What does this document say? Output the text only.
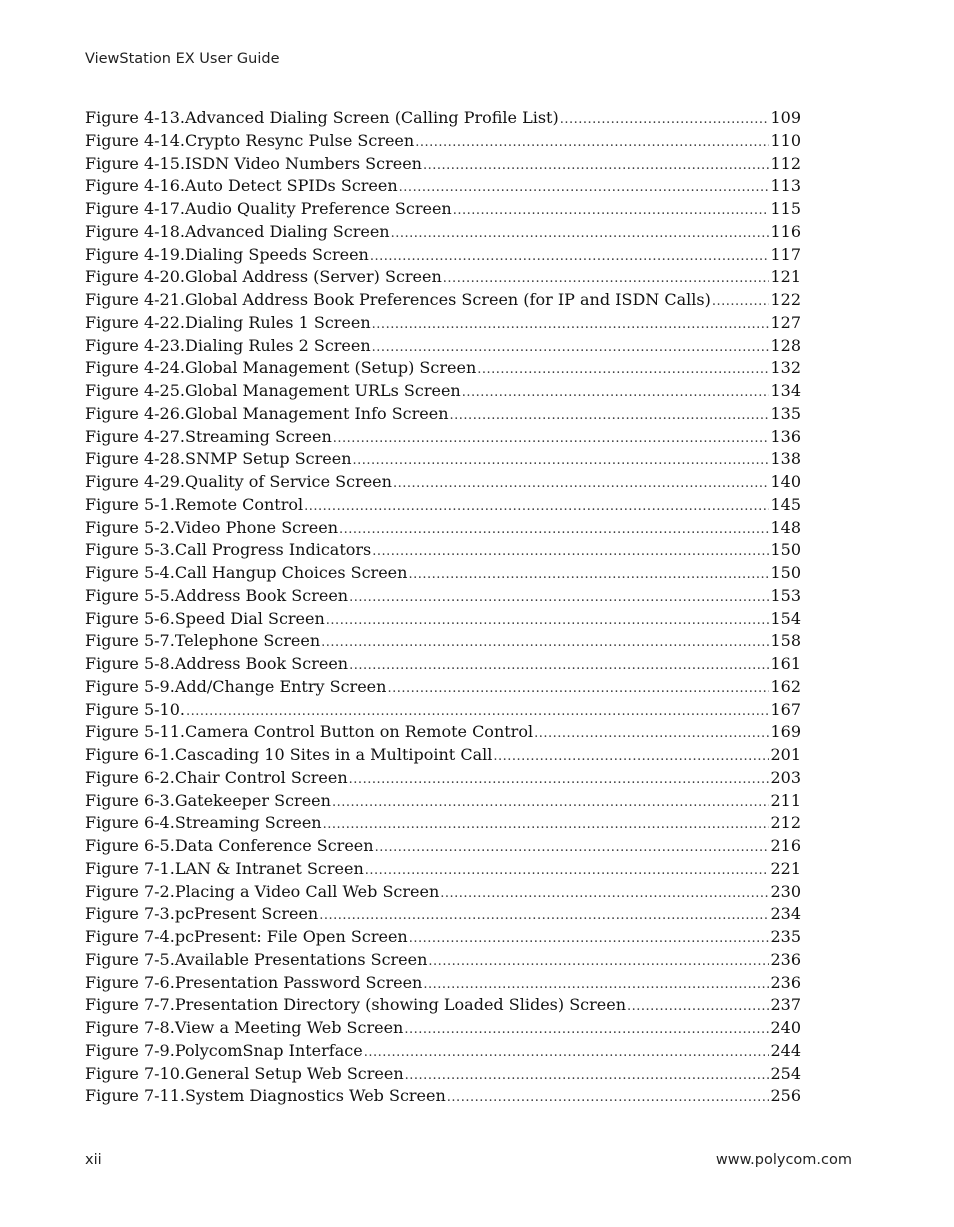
ViewStation EX User Guide
Figure 4-13.Advanced Dialing Screen (Calling Profile List) .....	109
Figure 4-14.Crypto Resync Pulse Screen .....	110
Figure 4-15.ISDN Video Numbers Screen .....	112
Figure 4-16.Auto Detect SPIDs Screen .....	113
Figure 4-17.Audio Quality Preference Screen .....	115
Figure 4-18.Advanced Dialing Screen .....	116
Figure 4-19.Dialing Speeds Screen .....	117
Figure 4-20.Global Address (Server) Screen .....	121
Figure 4-21.Global Address Book Preferences Screen (for IP and ISDN Calls) .....	122
Figure 4-22.Dialing Rules 1 Screen .....	127
Figure 4-23.Dialing Rules 2 Screen .....	128
Figure 4-24.Global Management (Setup) Screen .....	132
Figure 4-25.Global Management URLs Screen .....	134
Figure 4-26.Global Management Info Screen .....	135
Figure 4-27.Streaming Screen .....	136
Figure 4-28.SNMP Setup Screen .....	138
Figure 4-29.Quality of Service Screen .....	140
Figure 5-1.Remote Control .....	145
Figure 5-2.Video Phone Screen .....	148
Figure 5-3.Call Progress Indicators .....	150
Figure 5-4.Call Hangup Choices Screen .....	150
Figure 5-5.Address Book Screen .....	153
Figure 5-6.Speed Dial Screen .....	154
Figure 5-7.Telephone Screen .....	158
Figure 5-8.Address Book Screen .....	161
Figure 5-9.Add/Change Entry Screen .....	162
Figure 5-10. .....	167
Figure 5-11.Camera Control Button on Remote Control .....	169
Figure 6-1.Cascading 10 Sites in a Multipoint Call .....	201
Figure 6-2.Chair Control Screen .....	203
Figure 6-3.Gatekeeper Screen .....	211
Figure 6-4.Streaming Screen .....	212
Figure 6-5.Data Conference Screen .....	216
Figure 7-1.LAN & Intranet Screen .....	221
Figure 7-2.Placing a Video Call Web Screen .....	230
Figure 7-3.pcPresent Screen .....	234
Figure 7-4.pcPresent: File Open Screen .....	235
Figure 7-5.Available Presentations Screen .....	236
Figure 7-6.Presentation Password Screen .....	236
Figure 7-7.Presentation Directory (showing Loaded Slides) Screen .....	237
Figure 7-8.View a Meeting Web Screen .....	240
Figure 7-9.PolycomSnap Interface .....	244
Figure 7-10.General Setup Web Screen .....	254
Figure 7-11.System Diagnostics Web Screen .....	256
xii	www.polycom.com
